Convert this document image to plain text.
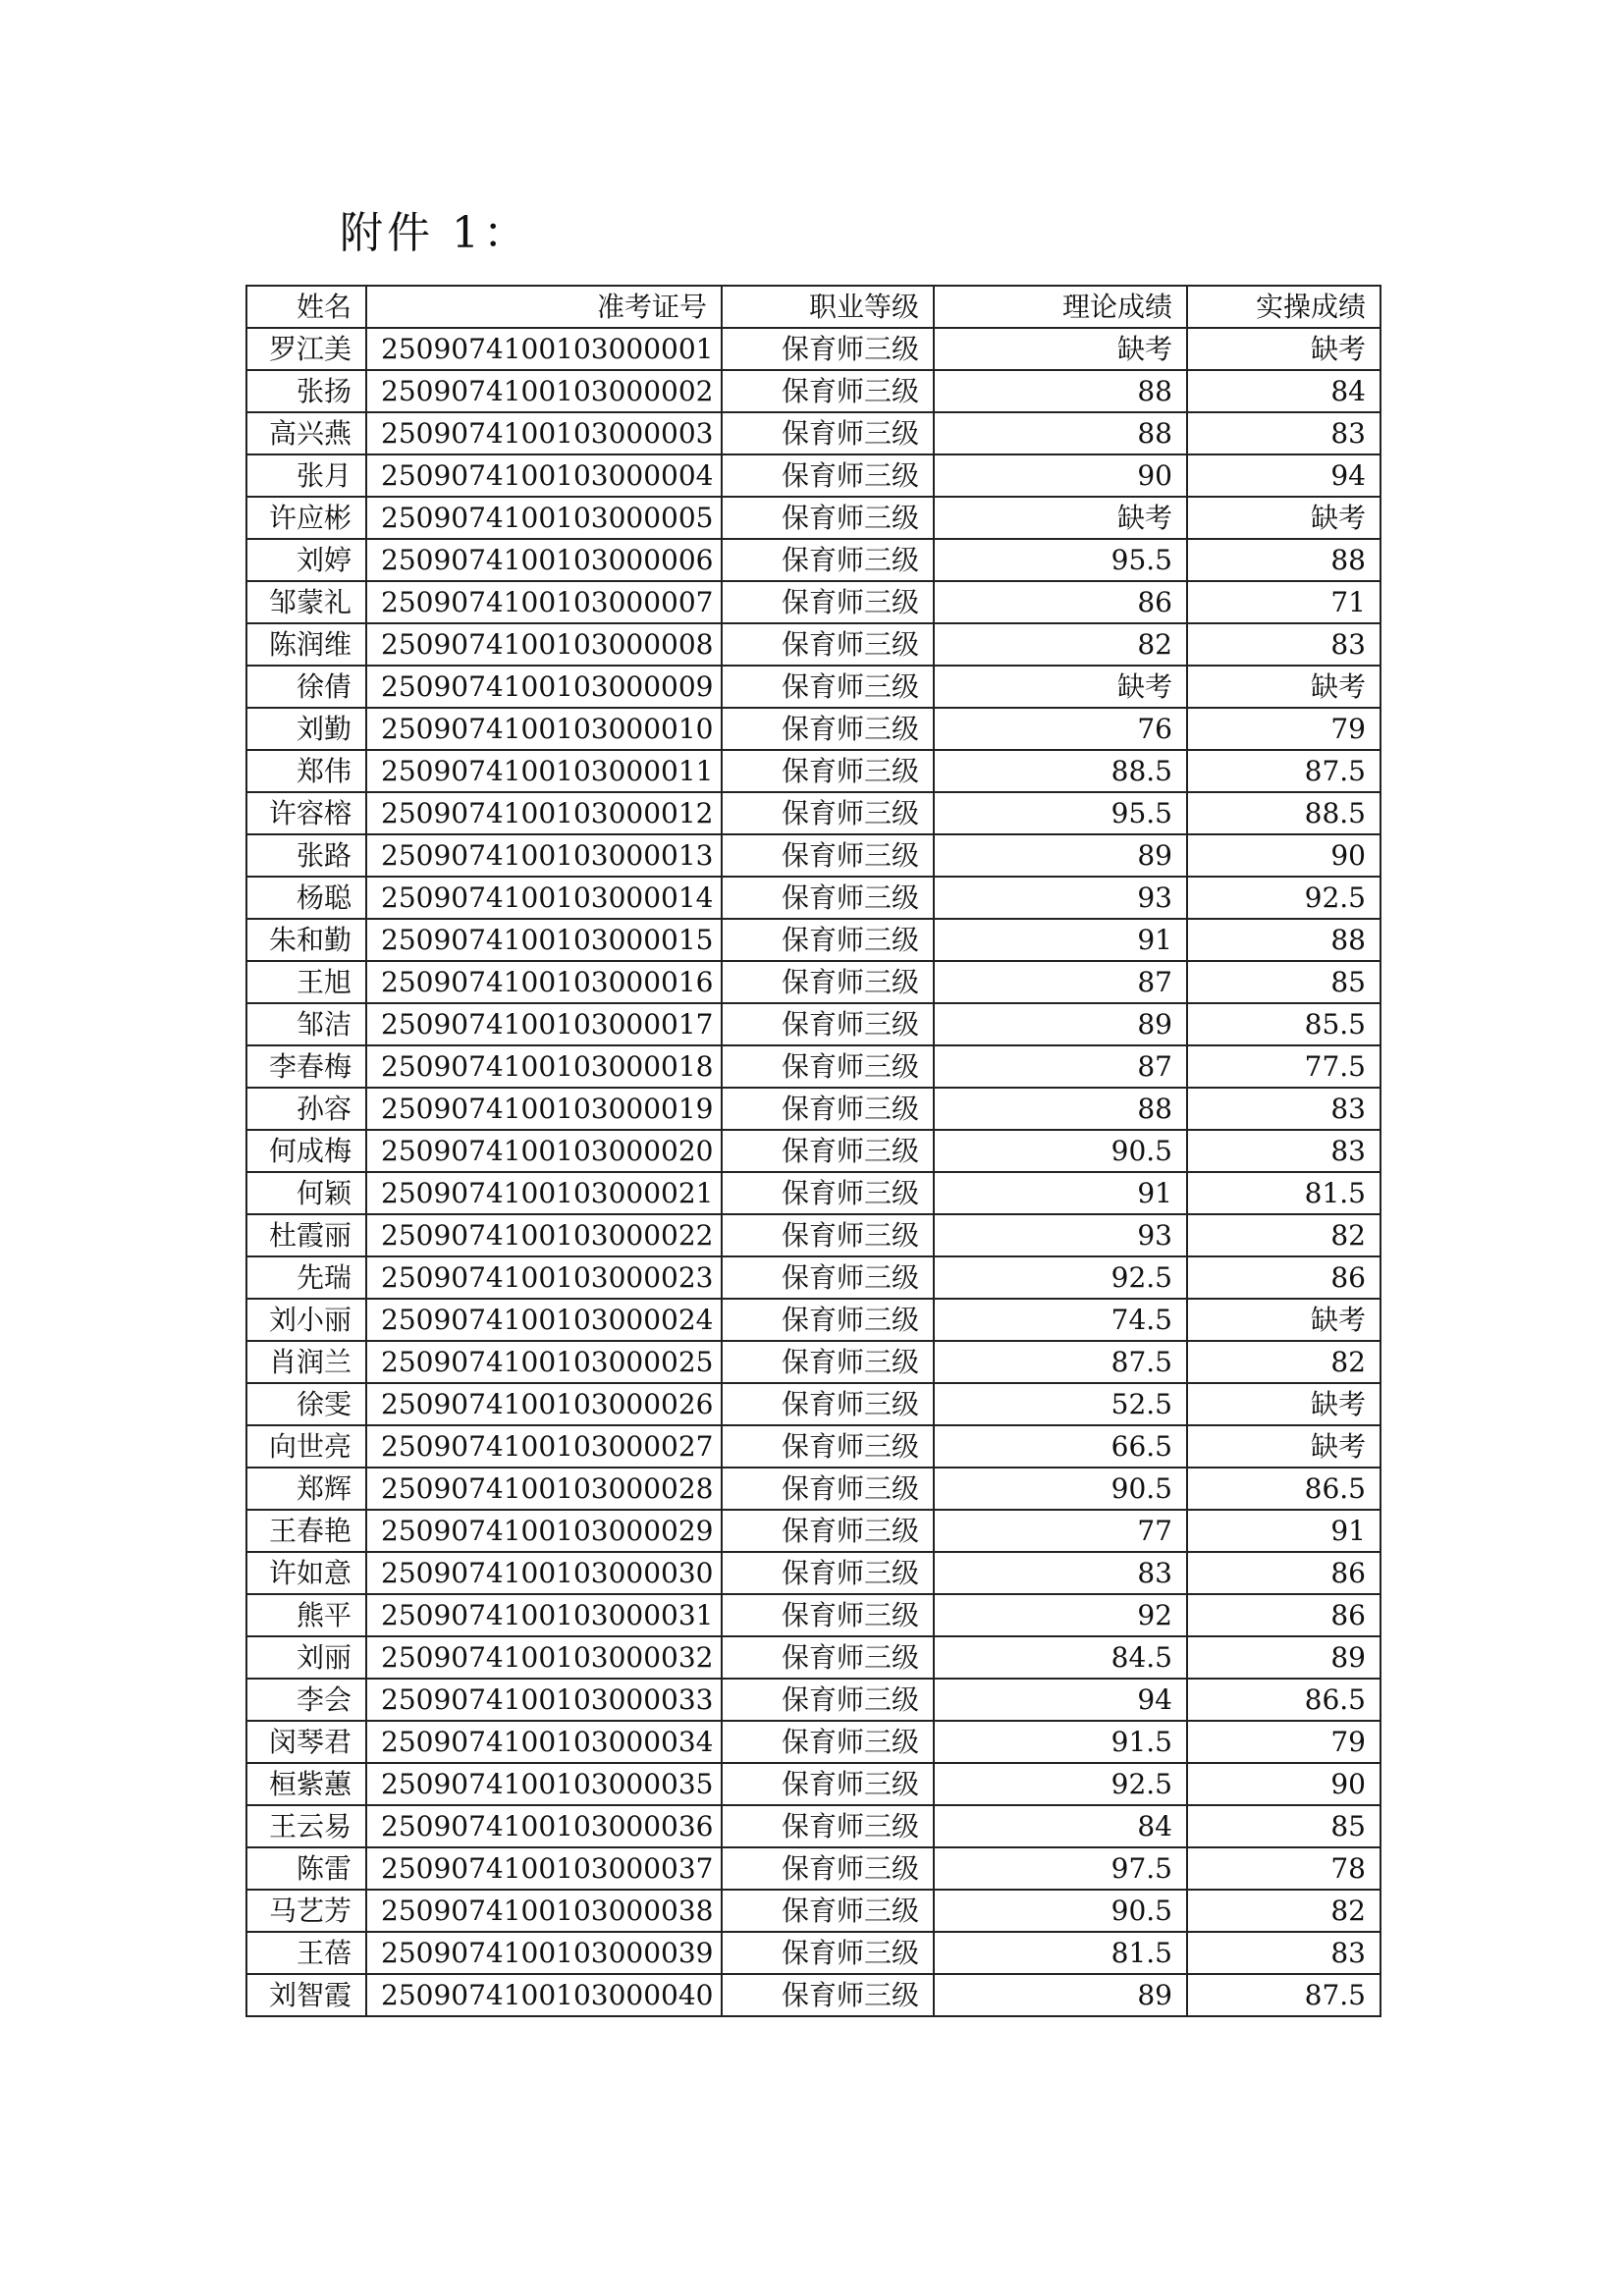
附件 1：
姓名	准考证号	职业等级	理论成绩	实操成绩
罗江美	2509074100103000001	保育师三级	缺考	缺考
张扬	2509074100103000002	保育师三级	88	84
高兴燕	2509074100103000003	保育师三级	88	83
张月	2509074100103000004	保育师三级	90	94
许应彬	2509074100103000005	保育师三级	缺考	缺考
刘婷	2509074100103000006	保育师三级	95.5	88
邹蒙礼	2509074100103000007	保育师三级	86	71
陈润维	2509074100103000008	保育师三级	82	83
徐倩	2509074100103000009	保育师三级	缺考	缺考
刘勤	2509074100103000010	保育师三级	76	79
郑伟	2509074100103000011	保育师三级	88.5	87.5
许容榕	2509074100103000012	保育师三级	95.5	88.5
张路	2509074100103000013	保育师三级	89	90
杨聪	2509074100103000014	保育师三级	93	92.5
朱和勤	2509074100103000015	保育师三级	91	88
王旭	2509074100103000016	保育师三级	87	85
邹洁	2509074100103000017	保育师三级	89	85.5
李春梅	2509074100103000018	保育师三级	87	77.5
孙容	2509074100103000019	保育师三级	88	83
何成梅	2509074100103000020	保育师三级	90.5	83
何颖	2509074100103000021	保育师三级	91	81.5
杜霞丽	2509074100103000022	保育师三级	93	82
先瑞	2509074100103000023	保育师三级	92.5	86
刘小丽	2509074100103000024	保育师三级	74.5	缺考
肖润兰	2509074100103000025	保育师三级	87.5	82
徐雯	2509074100103000026	保育师三级	52.5	缺考
向世亮	2509074100103000027	保育师三级	66.5	缺考
郑辉	2509074100103000028	保育师三级	90.5	86.5
王春艳	2509074100103000029	保育师三级	77	91
许如意	2509074100103000030	保育师三级	83	86
熊平	2509074100103000031	保育师三级	92	86
刘丽	2509074100103000032	保育师三级	84.5	89
李会	2509074100103000033	保育师三级	94	86.5
闵琴君	2509074100103000034	保育师三级	91.5	79
桓紫蕙	2509074100103000035	保育师三级	92.5	90
王云易	2509074100103000036	保育师三级	84	85
陈雷	2509074100103000037	保育师三级	97.5	78
马艺芳	2509074100103000038	保育师三级	90.5	82
王蓓	2509074100103000039	保育师三级	81.5	83
刘智霞	2509074100103000040	保育师三级	89	87.5
